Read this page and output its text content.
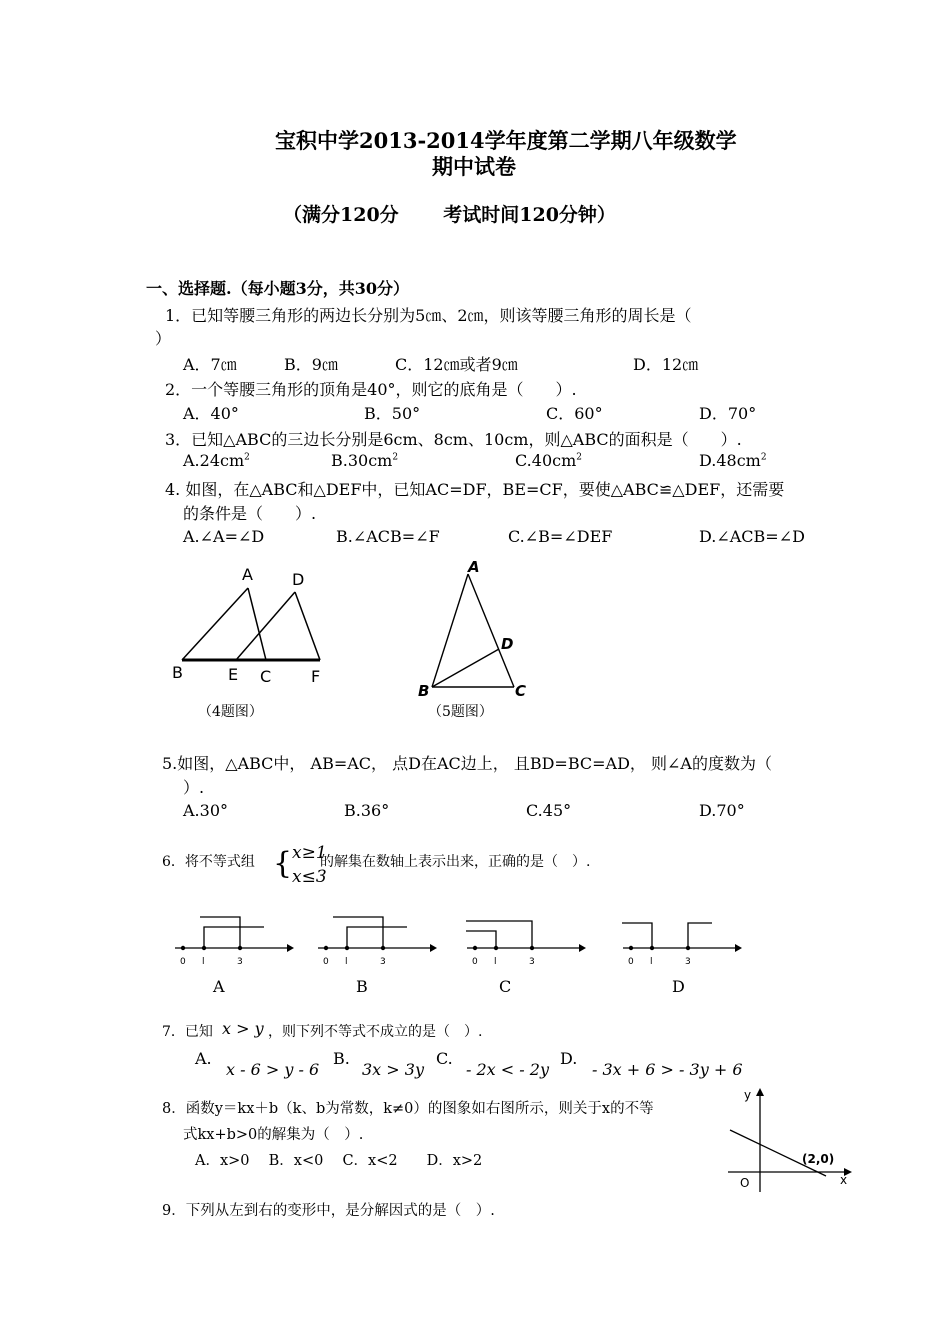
宝积中学2013-2014学年度第二学期八年级数学
期中试卷
（满分120分　　 考试时间120分钟）
一、选择题.（每小题3分，共30分）
1．已知等腰三角形的两边长分别为5㎝、2㎝，则该等腰三角形的周长是（
）
A．7㎝	B．9㎝	C．12㎝或者9㎝	D．12㎝
2．一个等腰三角形的顶角是40°，则它的底角是（　　）.
A．40°	B．50°	C．60°	D．70°
3．已知△ABC的三边长分别是6cm、8cm、10cm，则△ABC的面积是（　　）.
$A.24cm^2$	$B.30cm^2$	$C.40cm^2$	$D.48cm^2$
4. 如图，在△ABC和△DEF中，已知AC=DF，BE=CF，要使△ABC≌△DEF，还需要
的条件是（　　）.
A.∠A=∠D	B.∠ACB=∠F	C.∠B=∠DEF	D.∠ACB=∠D
A D
B	E C F
（4题图）
A
D
B	C
（5题图）
5.如图，△ABC中， AB=AC， 点D在AC边上， 且BD=BC=AD， 则∠A的度数为（
）.
A.30°	B.36°	C.45°	D.70°
6．将不等式组 { x≥1
x≤3
的解集在数轴上表示出来，正确的是（　）.
0 l	3
A
0 l	3
B
0 l	3
C
0 l	3
D
7．已知 x > y ，则下列不等式不成立的是（　）.
A.
x - 6 > y - 6
B.
3x > 3y
C.
- 2x < - 2y
D.
- 3x + 6 > - 3y + 6
8．函数y＝kx＋b（k、b为常数，k≠0）的图象如右图所示，则关于x的不等
式kx+b>0的解集为（　）.
A．x>0　 B．x<0　 C．x<2　　D．x>2
y
x
O
(2,0)
9．下列从左到右的变形中，是分解因式的是（　）.
